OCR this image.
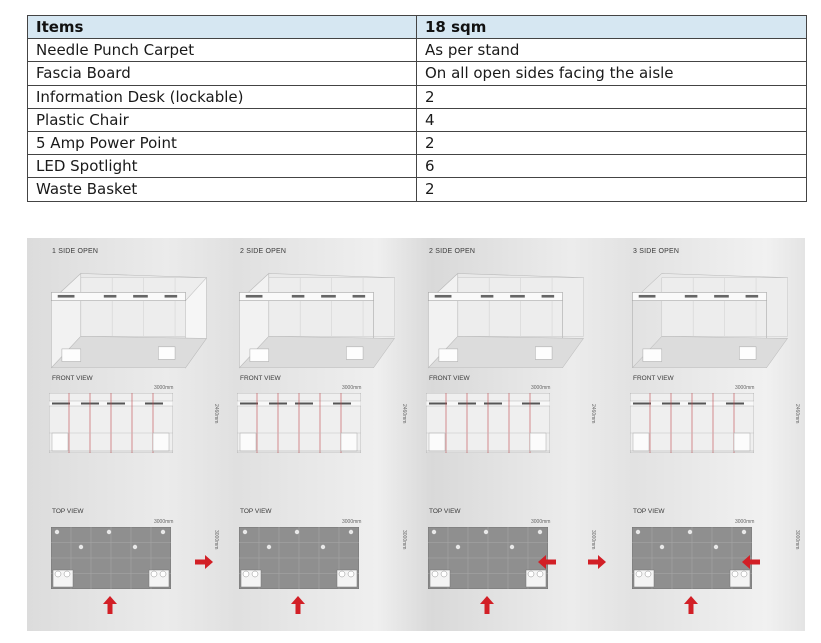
Items	18 sqm
Needle Punch Carpet	As per stand
Fascia Board	On all open sides facing the aisle
Information Desk (lockable)	2
Plastic Chair	4
5 Amp Power Point	2
LED Spotlight	6
Waste Basket	2
1 SIDE OPEN
FRONT VIEW
3000mm
2460mm
TOP VIEW
3000mm
3000mm
2 SIDE OPEN
FRONT VIEW
3000mm
2460mm
TOP VIEW
3000mm
3000mm
2 SIDE OPEN
FRONT VIEW
3000mm
2460mm
TOP VIEW
3000mm
3000mm
3 SIDE OPEN
FRONT VIEW
3000mm
2460mm
TOP VIEW
3000mm
3000mm
